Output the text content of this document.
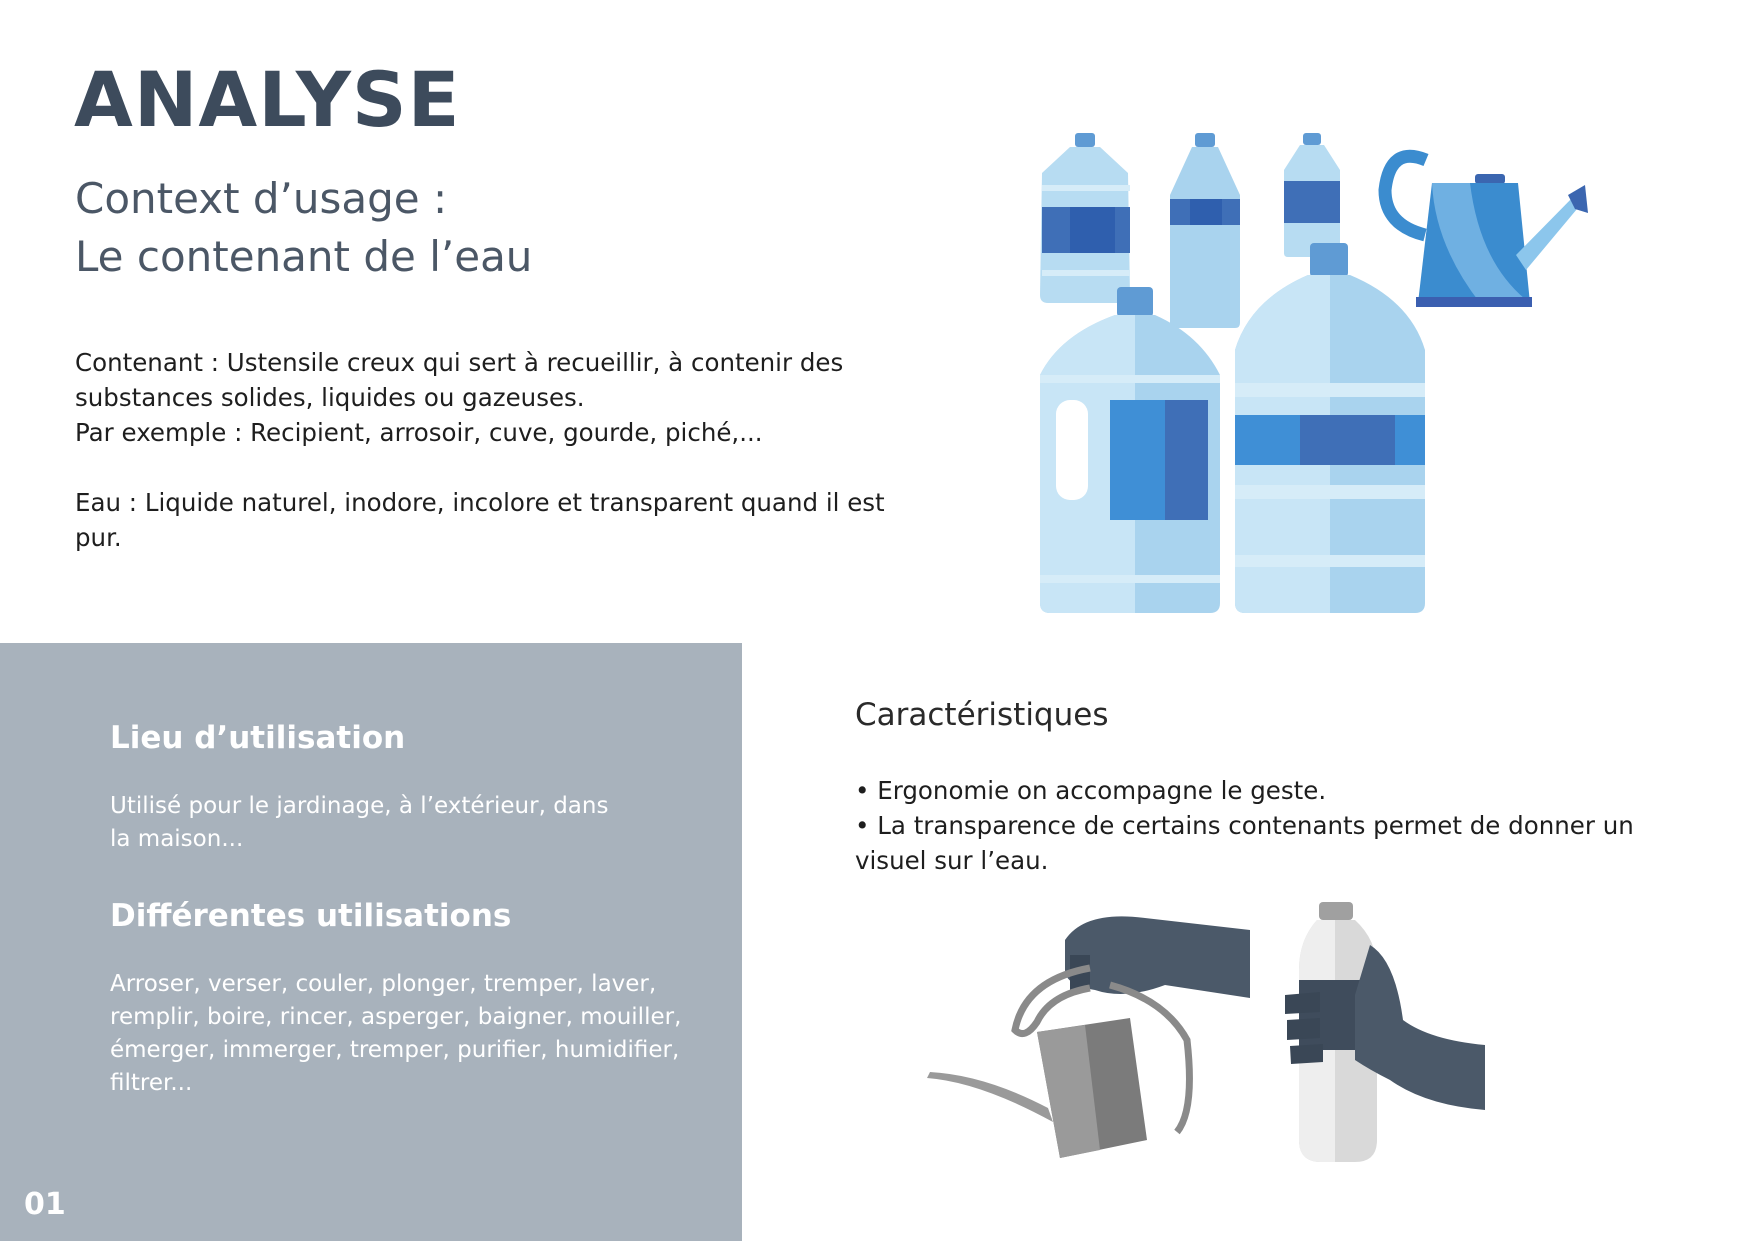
ANALYSE
Context d’usage :
Le contenant de l’eau

Contenant : Ustensile creux qui sert à recueillir, à contenir des substances solides, liquides ou gazeuses.
Par exemple : Recipient, arrosoir, cuve, gourde, piché,...

Eau : Liquide naturel, inodore, incolore et transparent quand il est pur.

Lieu d’utilisation

Utilisé pour le jardinage, à l’extérieur, dans la maison...

Différentes utilisations

Arroser, verser, couler, plonger, tremper, laver, remplir, boire, rincer, asperger, baigner, mouiller, émerger, immerger, tremper, purifier, humidifier, filtrer...

01
Caractéristiques
• Ergonomie on accompagne le geste.
• La transparence de certains contenants permet de donner un visuel sur l’eau.
